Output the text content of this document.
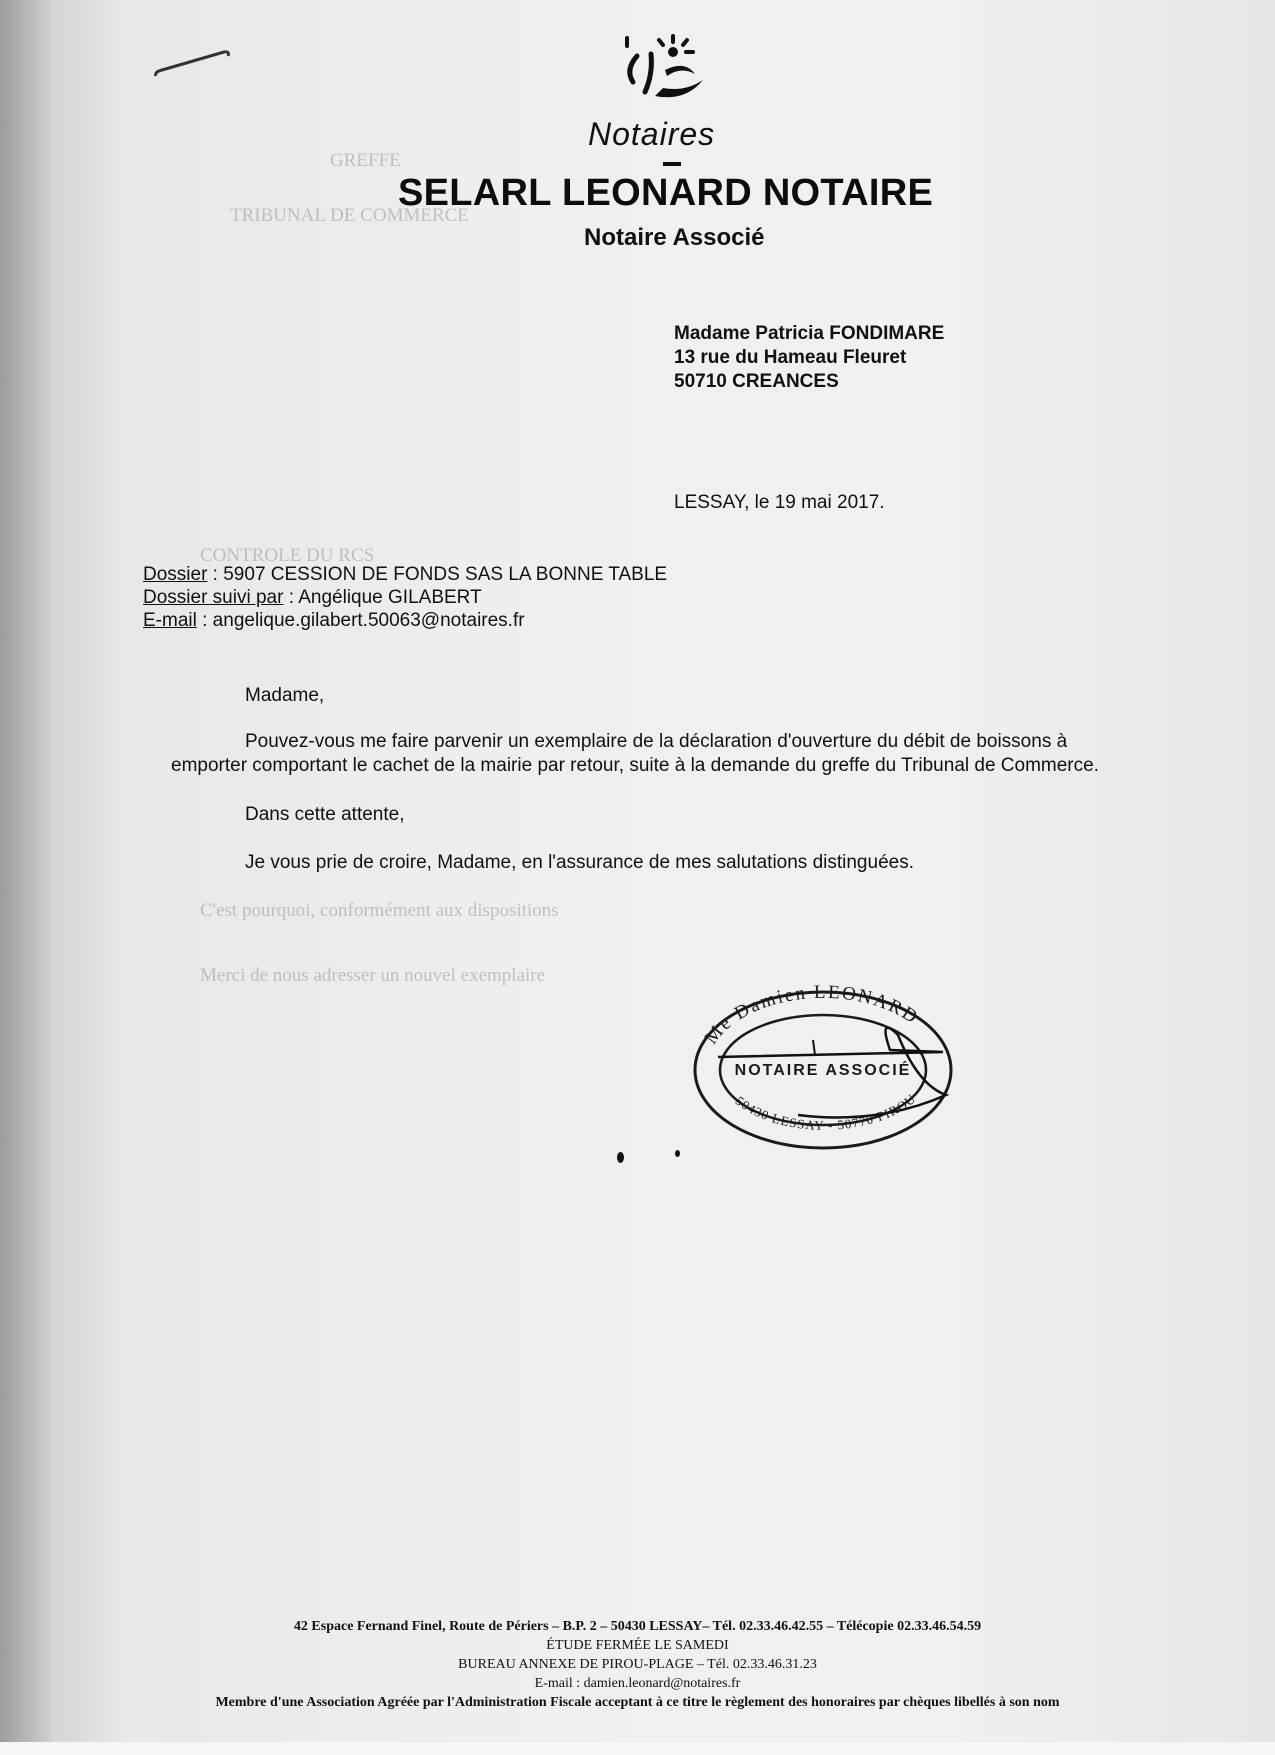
GREFFE
TRIBUNAL DE COMMERCE
CONTROLE DU RCS
C'est pourquoi, conformément aux dispositions
Merci de nous adresser un nouvel exemplaire
Notaires
SELARL LEONARD NOTAIRE
Notaire Associé
Madame Patricia FONDIMARE
13 rue du Hameau Fleuret
50710 CREANCES
LESSAY, le 19 mai 2017.
Dossier : 5907 CESSION DE FONDS SAS LA BONNE TABLE
Dossier suivi par : Angélique GILABERT
E-mail : angelique.gilabert.50063@notaires.fr
Madame,
Pouvez-vous me faire parvenir un exemplaire de la déclaration d'ouverture du débit de boissons à
emporter comportant le cachet de la mairie par retour, suite à la demande du greffe du Tribunal de Commerce.
Dans cette attente,
Je vous prie de croire, Madame, en l'assurance de mes salutations distinguées.
Me Damien LEONARD
NOTAIRE ASSOCIÉ
50430 LESSAY - 50770 PIROU
42 Espace Fernand Finel, Route de Périers – B.P. 2 – 50430 LESSAY– Tél. 02.33.46.42.55 – Télécopie 02.33.46.54.59
ÉTUDE FERMÉE LE SAMEDI
BUREAU ANNEXE DE PIROU-PLAGE – Tél. 02.33.46.31.23
E-mail : damien.leonard@notaires.fr
Membre d'une Association Agréée par l'Administration Fiscale acceptant à ce titre le règlement des honoraires par chèques libellés à son nom
